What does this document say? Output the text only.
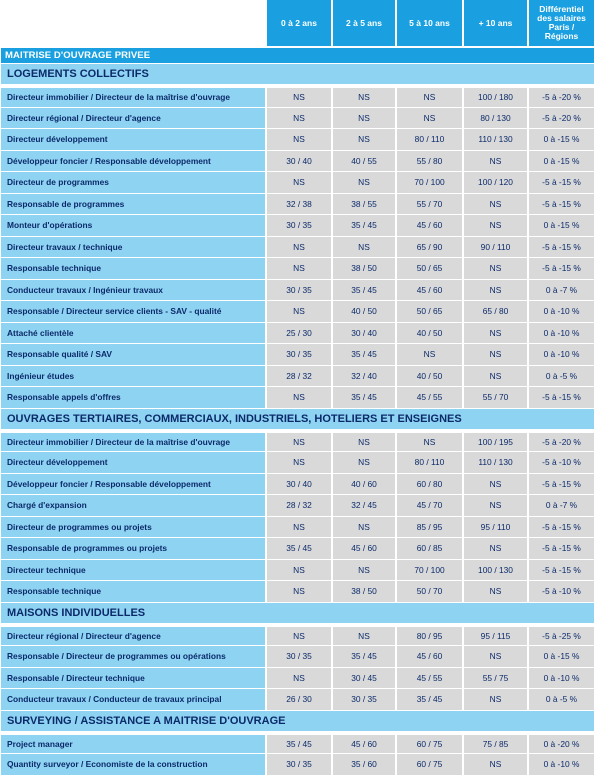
	0 à 2 ans	2 à 5 ans	5 à 10 ans	+ 10 ans	Différentiel
des salaires
Paris /
Régions

MAITRISE D'OUVRAGE PRIVEE					
LOGEMENTS COLLECTIFS					
Directeur immobilier / Directeur de la maîtrise d'ouvrage	NS	NS	NS	100 / 180	-5 à -20 %
Directeur régional / Directeur d'agence	NS	NS	NS	80 / 130	-5 à -20 %
Directeur développement	NS	NS	80 / 110	110 / 130	0 à -15 %
Développeur foncier / Responsable développement	30 / 40	40 / 55	55 / 80	NS	0 à -15 %
Directeur de programmes	NS	NS	70 / 100	100 / 120	-5 à -15 %
Responsable de programmes	32 / 38	38 / 55	55 / 70	NS	-5 à -15 %
Monteur d'opérations	30 / 35	35 / 45	45 / 60	NS	0 à -15 %
Directeur travaux / technique	NS	NS	65 / 90	90 / 110	-5 à -15 %
Responsable technique	NS	38 / 50	50 / 65	NS	-5 à -15 %
Conducteur travaux / Ingénieur travaux	30 / 35	35 / 45	45 / 60	NS	0 à -7 %
Responsable / Directeur service clients - SAV - qualité	NS	40 / 50	50 / 65	65 / 80	0 à -10 %
Attaché clientèle	25 / 30	30 / 40	40 / 50	NS	0 à -10 %
Responsable qualité / SAV	30 / 35	35 / 45	NS	NS	0 à -10 %
Ingénieur études	28 / 32	32 / 40	40 / 50	NS	0 à -5 %
Responsable appels d'offres	NS	35 / 45	45 / 55	55 / 70	-5 à -15 %
OUVRAGES TERTIAIRES, COMMERCIAUX, INDUSTRIELS, HOTELIERS ET ENSEIGNES					
Directeur immobilier / Directeur de la maîtrise d'ouvrage	NS	NS	NS	100 / 195	-5 à -20 %
Directeur développement	NS	NS	80 / 110	110 / 130	-5 à -10 %
Développeur foncier / Responsable développement	30 / 40	40 / 60	60 / 80	NS	-5 à -15 %
Chargé d'expansion	28 / 32	32 / 45	45 / 70	NS	0 à -7 %
Directeur de programmes ou projets	NS	NS	85 / 95	95 / 110	-5 à -15 %
Responsable de programmes ou projets	35 / 45	45 / 60	60 / 85	NS	-5 à -15 %
Directeur technique	NS	NS	70 / 100	100 / 130	-5 à -15 %
Responsable technique	NS	38 / 50	50 / 70	NS	-5 à -10 %
MAISONS INDIVIDUELLES					
Directeur régional / Directeur d'agence	NS	NS	80 / 95	95 / 115	-5 à -25 %
Responsable / Directeur de programmes ou opérations	30 / 35	35 / 45	45 / 60	NS	0 à -15 %
Responsable / Directeur technique	NS	30 / 45	45 / 55	55 / 75	0 à -10 %
Conducteur travaux / Conducteur de travaux principal	26 / 30	30 / 35	35 / 45	NS	0 à -5 %
SURVEYING / ASSISTANCE A MAITRISE D'OUVRAGE					
Project manager	35 / 45	45 / 60	60 / 75	75 / 85	0 à -20 %
Quantity surveyor / Economiste de la construction	30 / 35	35 / 60	60 / 75	NS	0 à -10 %
